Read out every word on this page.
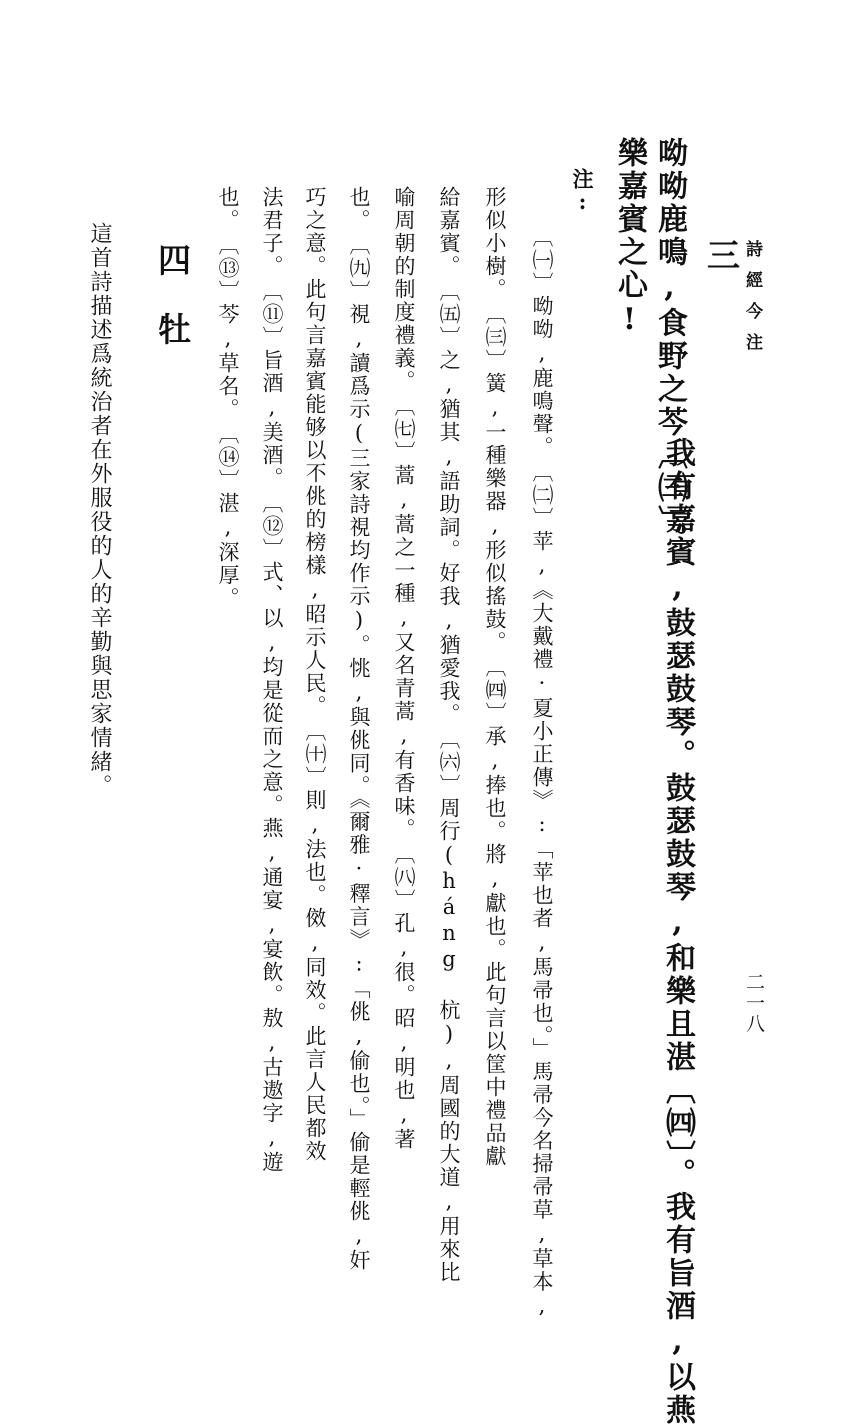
詩經今注
二一八
三
我有嘉賓,鼓瑟鼓琴。鼓瑟鼓琴,和樂且湛〔㈣〕。我有旨酒,以燕
樂嘉賓之心! 呦呦鹿鳴,食野之芩〔㈢〕。
注:
〔㈠〕呦呦,鹿鳴聲。　〔㈡〕苹,《大戴禮·夏小正傳》:「苹也者,馬帚也。」馬帚今名掃帚草,草本,
形似小樹。　〔㈢〕簧,一種樂器,形似搖鼓。　〔㈣〕承,捧也。將,獻也。此句言以筐中禮品獻
給嘉賓。　〔㈤〕之,猶其,語助詞。好我,猶愛我。　〔㈥〕周行(háng 杭),周國的大道,用來比
喻周朝的制度禮義。　〔㈦〕蒿,蒿之一種,又名青蒿,有香味。　〔㈧〕孔,很。昭,明也,著
也。　〔㈨〕視,讀爲示(三家詩視均作示)。恌,與佻同。《爾雅·釋言》:「佻,偷也。」偷是輕佻,奸
巧之意。此句言嘉賓能够以不佻的榜樣,昭示人民。　〔㈩〕則,法也。傚,同效。此言人民都效
法君子。　〔⑪〕旨酒,美酒。　〔⑫〕式、以,均是從而之意。燕,通宴,宴飲。敖,古遨字,遊
也。　〔⑬〕芩,草名。　〔⑭〕湛,深厚。
四
牡
這首詩描述爲統治者在外服役的人的辛勤與思家情緒。
